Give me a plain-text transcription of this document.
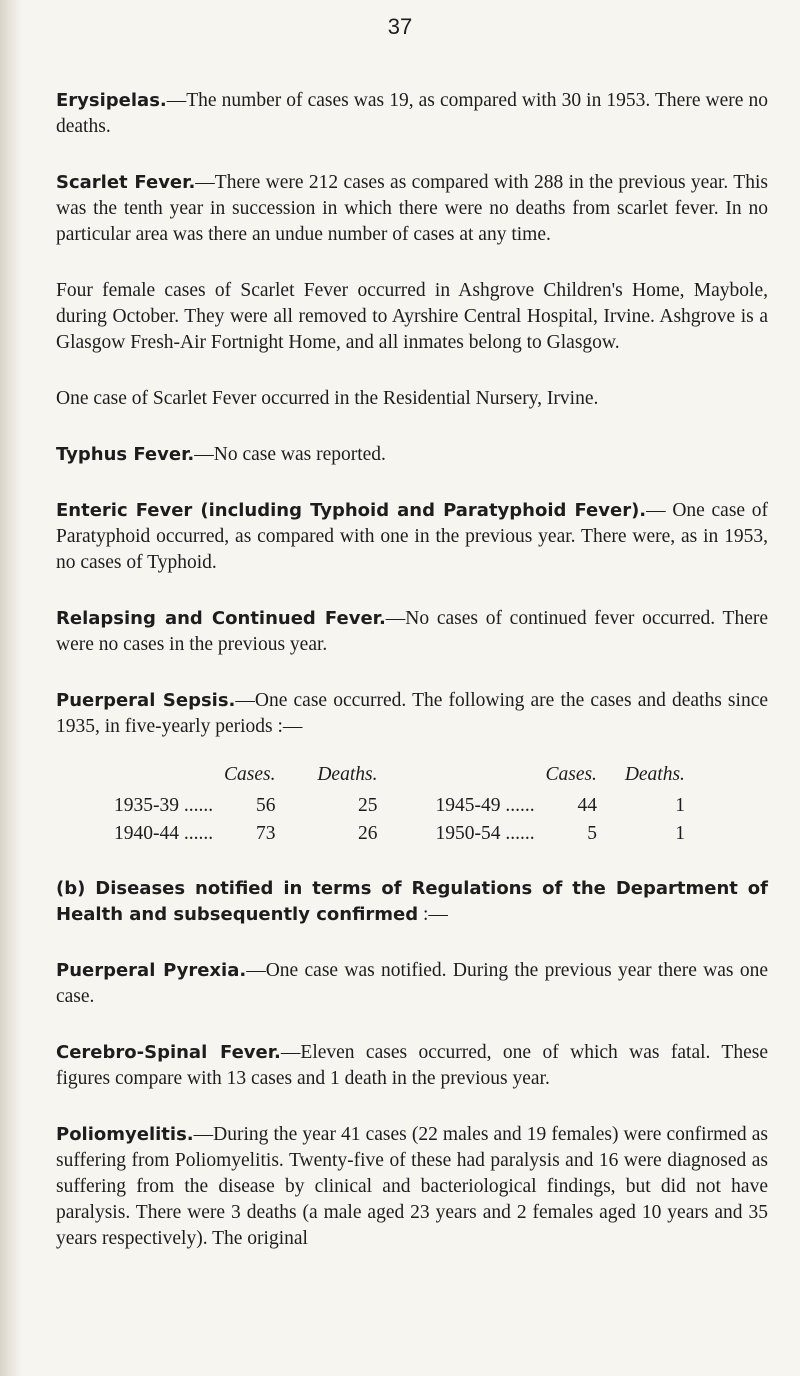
37

Erysipelas.—The number of cases was 19, as compared with 30 in 1953. There were no deaths.

Scarlet Fever.—There were 212 cases as compared with 288 in the previous year. This was the tenth year in succession in which there were no deaths from scarlet fever. In no particular area was there an undue number of cases at any time.

Four female cases of Scarlet Fever occurred in Ashgrove Children's Home, Maybole, during October. They were all removed to Ayrshire Central Hospital, Irvine. Ashgrove is a Glasgow Fresh-Air Fortnight Home, and all inmates belong to Glasgow.

One case of Scarlet Fever occurred in the Residential Nursery, Irvine.

Typhus Fever.—No case was reported.

Enteric Fever (including Typhoid and Paratyphoid Fever).— One case of Paratyphoid occurred, as compared with one in the previous year. There were, as in 1953, no cases of Typhoid.

Relapsing and Continued Fever.—No cases of continued fever occurred. There were no cases in the previous year.

Puerperal Sepsis.—One case occurred. The following are the cases and deaths since 1935, in five-yearly periods :—

	Cases.	Deaths.			Cases.	Deaths.
1935-39 ......	56	25		1945-49 ......	44	1
1940-44 ......	73	26		1950-54 ......	5	1

(b) Diseases notified in terms of Regulations of the Department of Health and subsequently confirmed :—

Puerperal Pyrexia.—One case was notified. During the previous year there was one case.

Cerebro-Spinal Fever.—Eleven cases occurred, one of which was fatal. These figures compare with 13 cases and 1 death in the previous year.

Poliomyelitis.—During the year 41 cases (22 males and 19 females) were confirmed as suffering from Poliomyelitis. Twenty-five of these had paralysis and 16 were diagnosed as suffering from the disease by clinical and bacteriological findings, but did not have paralysis. There were 3 deaths (a male aged 23 years and 2 females aged 10 years and 35 years respectively). The original
